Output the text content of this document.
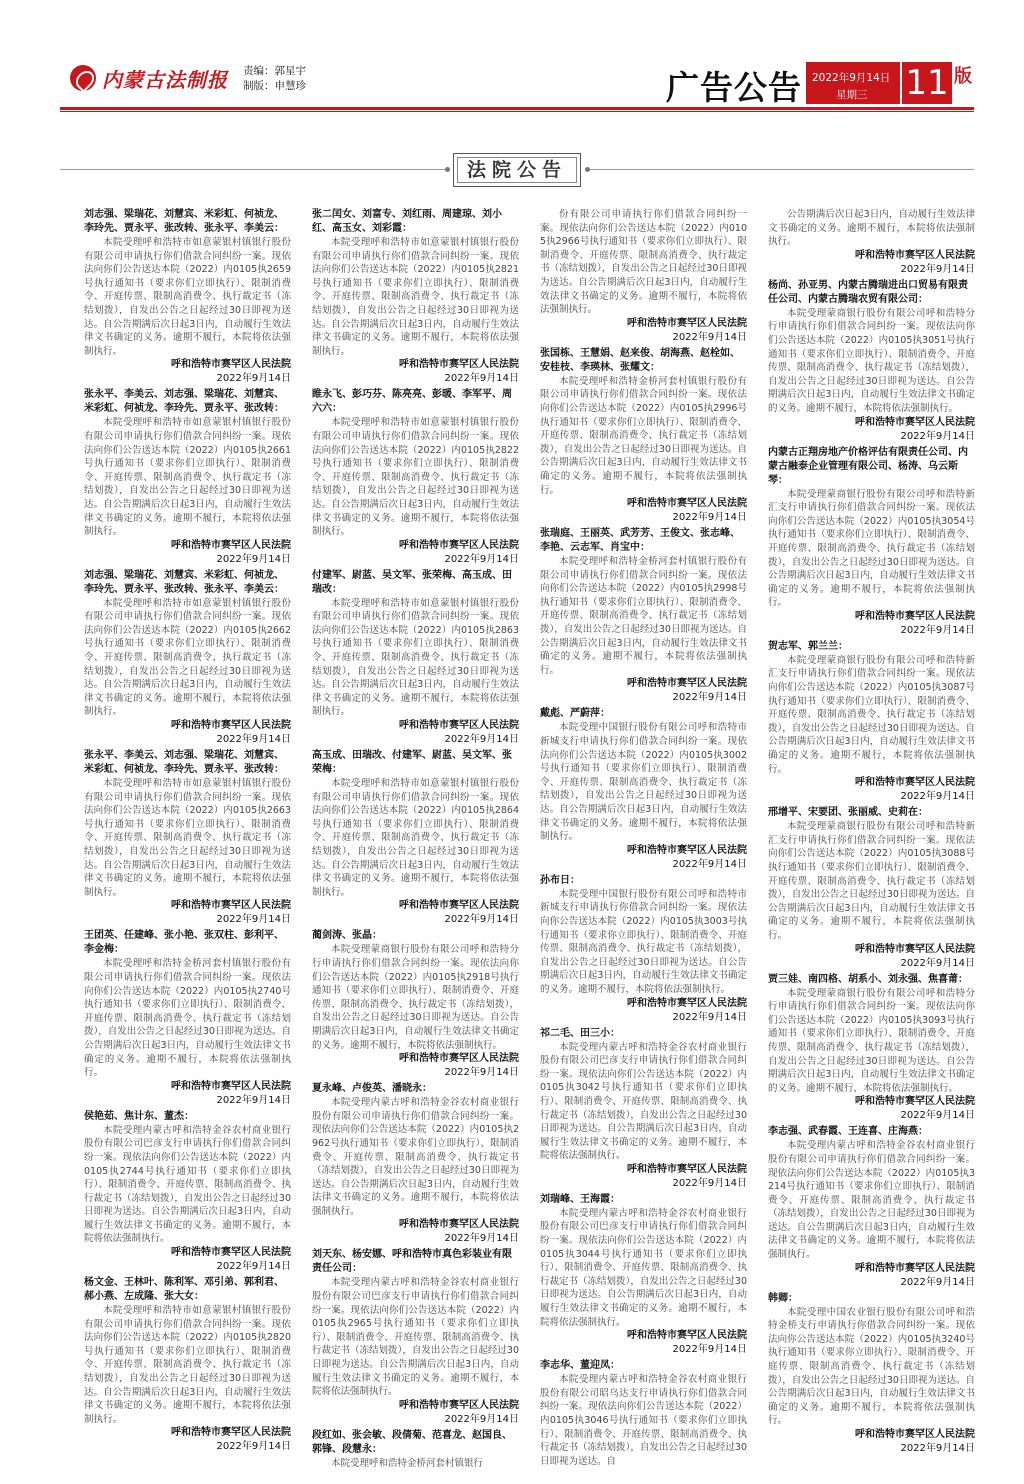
内蒙古法制报 责编：郭星宇
制版：申慧珍	广告公告 2022年9月14日
星期三 11 版
法院公告
刘志强、梁瑞花、刘慧宾、米彩虹、何祯龙、李玲先、贾永平、张改转、张永平、李美云：
本院受理呼和浩特市如意蒙银村镇银行股份有限公司申请执行你们借款合同纠纷一案。现依法向你们公告送达本院（2022）内0105执2659号执行通知书（要求你们立即执行）、限制消费令、开庭传票、限制高消费令、执行裁定书（冻结划拨），自发出公告之日起经过30日即视为送达。自公告期满后次日起3日内，自动履行生效法律文书确定的义务。逾期不履行，本院将依法强制执行。
呼和浩特市赛罕区人民法院
2022年9月14日
张永平、李美云、刘志强、梁瑞花、刘慧宾、米彩虹、何祯龙、李玲先、贾永平、张改转：
本院受理呼和浩特市如意蒙银村镇银行股份有限公司申请执行你们借款合同纠纷一案。现依法向你们公告送达本院（2022）内0105执2661号执行通知书（要求你们立即执行）、限制消费令、开庭传票、限制高消费令、执行裁定书（冻结划拨），自发出公告之日起经过30日即视为送达。自公告期满后次日起3日内，自动履行生效法律文书确定的义务。逾期不履行，本院将依法强制执行。
呼和浩特市赛罕区人民法院
2022年9月14日
刘志强、梁瑞花、刘慧宾、米彩虹、何祯龙、李玲先、贾永平、张改转、张永平、李美云：
本院受理呼和浩特市如意蒙银村镇银行股份有限公司申请执行你们借款合同纠纷一案。现依法向你们公告送达本院（2022）内0105执2662号执行通知书（要求你们立即执行）、限制消费令、开庭传票、限制高消费令、执行裁定书（冻结划拨），自发出公告之日起经过30日即视为送达。自公告期满后次日起3日内，自动履行生效法律文书确定的义务。逾期不履行，本院将依法强制执行。
呼和浩特市赛罕区人民法院
2022年9月14日
张永平、李美云、刘志强、梁瑞花、刘慧宾、米彩虹、何祯龙、李玲先、贾永平、张改转：
本院受理呼和浩特市如意蒙银村镇银行股份有限公司申请执行你们借款合同纠纷一案。现依法向你们公告送达本院（2022）内0105执2663号执行通知书（要求你们立即执行）、限制消费令、开庭传票、限制高消费令、执行裁定书（冻结划拨），自发出公告之日起经过30日即视为送达。自公告期满后次日起3日内，自动履行生效法律文书确定的义务。逾期不履行，本院将依法强制执行。
呼和浩特市赛罕区人民法院
2022年9月14日
王团英、任建峰、张小艳、张双柱、彭利平、李金梅：
本院受理呼和浩特金桥河套村镇银行股份有限公司申请执行你们借款合同纠纷一案。现依法向你们公告送达本院（2022）内0105执2740号执行通知书（要求你们立即执行）、限制消费令、开庭传票、限制高消费令、执行裁定书（冻结划拨），自发出公告之日起经过30日即视为送达。自公告期满后次日起3日内，自动履行生效法律文书确定的义务。逾期不履行，本院将依法强制执行。
呼和浩特市赛罕区人民法院
2022年9月14日
侯艳茹、焦计东、董杰：
本院受理内蒙古呼和浩特金谷农村商业银行股份有限公司巴彦支行申请执行你们借款合同纠纷一案。现依法向你们公告送达本院（2022）内0105执2744号执行通知书（要求你们立即执行）、限制消费令、开庭传票、限制高消费令、执行裁定书（冻结划拨），自发出公告之日起经过30日即视为送达。自公告期满后次日起3日内，自动履行生效法律文书确定的义务。逾期不履行，本院将依法强制执行。
呼和浩特市赛罕区人民法院
2022年9月14日
杨文金、王林叶、陈利军、邓引弟、郭利君、郝小燕、左成隆、张大女：
本院受理呼和浩特市如意蒙银村镇银行股份有限公司申请执行你们借款合同纠纷一案。现依法向你们公告送达本院（2022）内0105执2820号执行通知书（要求你们立即执行）、限制消费令、开庭传票、限制高消费令、执行裁定书（冻结划拨），自发出公告之日起经过30日即视为送达。自公告期满后次日起3日内，自动履行生效法律文书确定的义务。逾期不履行，本院将依法强制执行。
呼和浩特市赛罕区人民法院
2022年9月14日
张二闰女、刘富专、刘红雨、周建琼、刘小红、高玉女、刘彩霞：
本院受理呼和浩特市如意蒙银村镇银行股份有限公司申请执行你们借款合同纠纷一案。现依法向你们公告送达本院（2022）内0105执2821号执行通知书（要求你们立即执行）、限制消费令、开庭传票、限制高消费令、执行裁定书（冻结划拨），自发出公告之日起经过30日即视为送达。自公告期满后次日起3日内，自动履行生效法律文书确定的义务。逾期不履行，本院将依法强制执行。
呼和浩特市赛罕区人民法院
2022年9月14日
睢永飞、彭巧芬、陈亮亮、彭暖、李军平、周六六：
本院受理呼和浩特市如意蒙银村镇银行股份有限公司申请执行你们借款合同纠纷一案。现依法向你们公告送达本院（2022）内0105执2822号执行通知书（要求你们立即执行）、限制消费令、开庭传票、限制高消费令、执行裁定书（冻结划拨），自发出公告之日起经过30日即视为送达。自公告期满后次日起3日内，自动履行生效法律文书确定的义务。逾期不履行，本院将依法强制执行。
呼和浩特市赛罕区人民法院
2022年9月14日
付建军、尉蓝、吴文军、张荣梅、高玉成、田瑞改：
本院受理呼和浩特市如意蒙银村镇银行股份有限公司申请执行你们借款合同纠纷一案。现依法向你们公告送达本院（2022）内0105执2863号执行通知书（要求你们立即执行）、限制消费令、开庭传票、限制高消费令、执行裁定书（冻结划拨），自发出公告之日起经过30日即视为送达。自公告期满后次日起3日内，自动履行生效法律文书确定的义务。逾期不履行，本院将依法强制执行。
呼和浩特市赛罕区人民法院
2022年9月14日
高玉成、田瑞改、付建军、尉蓝、吴文军、张荣梅：
本院受理呼和浩特市如意蒙银村镇银行股份有限公司申请执行你们借款合同纠纷一案。现依法向你们公告送达本院（2022）内0105执2864号执行通知书（要求你们立即执行）、限制消费令、开庭传票、限制高消费令、执行裁定书（冻结划拨），自发出公告之日起经过30日即视为送达。自公告期满后次日起3日内，自动履行生效法律文书确定的义务。逾期不履行，本院将依法强制执行。
呼和浩特市赛罕区人民法院
2022年9月14日
蔺剑涛、张晶：
本院受理蒙商银行股份有限公司呼和浩特分行申请执行你们借款合同纠纷一案。现依法向你们公告送达本院（2022）内0105执2918号执行通知书（要求你们立即执行）、限制消费令、开庭传票、限制高消费令、执行裁定书（冻结划拨），自发出公告之日起经过30日即视为送达。自公告期满后次日起3日内，自动履行生效法律文书确定的义务。逾期不履行，本院将依法强制执行。
呼和浩特市赛罕区人民法院
2022年9月14日
夏永峰、卢俊英、潘晓永：
本院受理内蒙古呼和浩特金谷农村商业银行股份有限公司申请执行你们借款合同纠纷一案。现依法向你们公告送达本院（2022）内0105执2962号执行通知书（要求你们立即执行）、限制消费令、开庭传票、限制高消费令、执行裁定书（冻结划拨），自发出公告之日起经过30日即视为送达。自公告期满后次日起3日内，自动履行生效法律文书确定的义务。逾期不履行，本院将依法强制执行。
呼和浩特市赛罕区人民法院
2022年9月14日
刘天东、杨安娜、呼和浩特市真色彩装业有限责任公司：
本院受理内蒙古呼和浩特金谷农村商业银行股份有限公司巴彦支行申请执行你们借款合同纠纷一案。现依法向你们公告送达本院（2022）内0105执2965号执行通知书（要求你们立即执行）、限制消费令、开庭传票、限制高消费令、执行裁定书（冻结划拨），自发出公告之日起经过30日即视为送达。自公告期满后次日起3日内，自动履行生效法律文书确定的义务。逾期不履行，本院将依法强制执行。
呼和浩特市赛罕区人民法院
2022年9月14日
段红如、张会敏、段倩菊、范喜龙、赵国良、郭锋、段慧永：
本院受理呼和浩特金桥河套村镇银行
份有限公司申请执行你们借款合同纠纷一案。现依法向你们公告送达本院（2022）内0105执2966号执行通知书（要求你们立即执行）、限制消费令、开庭传票、限制高消费令、执行裁定书（冻结划拨），自发出公告之日起经过30日即视为送达。自公告期满后次日起3日内，自动履行生效法律文书确定的义务。逾期不履行，本院将依法强制执行。
呼和浩特市赛罕区人民法院
2022年9月14日
张国栋、王慧娟、赵来俊、胡海燕、赵栓如、安桂枝、李瑛林、张耀文：
本院受理呼和浩特金桥河套村镇银行股份有限公司申请执行你们借款合同纠纷一案。现依法向你们公告送达本院（2022）内0105执2996号执行通知书（要求你们立即执行）、限制消费令、开庭传票、限制高消费令、执行裁定书（冻结划拨），自发出公告之日起经过30日即视为送达。自公告期满后次日起3日内，自动履行生效法律文书确定的义务。逾期不履行，本院将依法强制执行。
呼和浩特市赛罕区人民法院
2022年9月14日
张瑞庭、王丽英、武芳芳、王俊文、张志峰、李艳、云志军、肖宝中：
本院受理呼和浩特金桥河套村镇银行股份有限公司申请执行你们借款合同纠纷一案。现依法向你们公告送达本院（2022）内0105执2998号执行通知书（要求你们立即执行）、限制消费令、开庭传票、限制高消费令、执行裁定书（冻结划拨），自发出公告之日起经过30日即视为送达。自公告期满后次日起3日内，自动履行生效法律文书确定的义务。逾期不履行，本院将依法强制执行。
呼和浩特市赛罕区人民法院
2022年9月14日
戴彪、严蔚萍：
本院受理中国银行股份有限公司呼和浩特市新城支行申请执行你们借款合同纠纷一案。现依法向你们公告送达本院（2022）内0105执3002号执行通知书（要求你们立即执行）、限制消费令、开庭传票、限制高消费令、执行裁定书（冻结划拨），自发出公告之日起经过30日即视为送达。自公告期满后次日起3日内，自动履行生效法律文书确定的义务。逾期不履行，本院将依法强制执行。
呼和浩特市赛罕区人民法院
2022年9月14日
孙布日：
本院受理中国银行股份有限公司呼和浩特市新城支行申请执行你借款合同纠纷一案。现依法向你公告送达本院（2022）内0105执3003号执行通知书（要求你立即执行）、限制消费令、开庭传票、限制高消费令、执行裁定书（冻结划拨），自发出公告之日起经过30日即视为送达。自公告期满后次日起3日内，自动履行生效法律文书确定的义务。逾期不履行，本院将依法强制执行。
呼和浩特市赛罕区人民法院
2022年9月14日
祁二毛、田三小：
本院受理内蒙古呼和浩特金谷农村商业银行股份有限公司巴彦支行申请执行你们借款合同纠纷一案。现依法向你们公告送达本院（2022）内0105执3042号执行通知书（要求你们立即执行）、限制消费令、开庭传票、限制高消费令、执行裁定书（冻结划拨），自发出公告之日起经过30日即视为送达。自公告期满后次日起3日内，自动履行生效法律文书确定的义务。逾期不履行，本院将依法强制执行。
呼和浩特市赛罕区人民法院
2022年9月14日
刘瑞峰、王海霞：
本院受理内蒙古呼和浩特金谷农村商业银行股份有限公司巴彦支行申请执行你们借款合同纠纷一案。现依法向你们公告送达本院（2022）内0105执3044号执行通知书（要求你们立即执行）、限制消费令、开庭传票、限制高消费令、执行裁定书（冻结划拨），自发出公告之日起经过30日即视为送达。自公告期满后次日起3日内，自动履行生效法律文书确定的义务。逾期不履行，本院将依法强制执行。
呼和浩特市赛罕区人民法院
2022年9月14日
李志华、董迎凤：
本院受理内蒙古呼和浩特金谷农村商业银行股份有限公司昭乌达支行申请执行你们借款合同纠纷一案。现依法向你们公告送达本院（2022）内0105执3046号执行通知书（要求你们立即执行）、限制消费令、开庭传票、限制高消费令、执行裁定书（冻结划拨），自发出公告之日起经过30日即视为送达。自
公告期满后次日起3日内，自动履行生效法律文书确定的义务。逾期不履行，本院将依法强制执行。
呼和浩特市赛罕区人民法院
2022年9月14日
杨尚、孙亚男、内蒙古腾瑞进出口贸易有限责任公司、内蒙古腾瑞农贸有限公司：
本院受理蒙商银行股份有限公司呼和浩特分行申请执行你们借款合同纠纷一案。现依法向你们公告送达本院（2022）内0105执3051号执行通知书（要求你们立即执行）、限制消费令、开庭传票、限制高消费令、执行裁定书（冻结划拨），自发出公告之日起经过30日即视为送达。自公告期满后次日起3日内，自动履行生效法律文书确定的义务。逾期不履行，本院将依法强制执行。
呼和浩特市赛罕区人民法院
2022年9月14日
内蒙古正翔房地产价格评估有限责任公司、内蒙古融泰企业管理有限公司、杨涛、乌云斯琴：
本院受理蒙商银行股份有限公司呼和浩特新汇支行申请执行你们借款合同纠纷一案。现依法向你们公告送达本院（2022）内0105执3054号执行通知书（要求你们立即执行）、限制消费令、开庭传票、限制高消费令、执行裁定书（冻结划拨），自发出公告之日起经过30日即视为送达。自公告期满后次日起3日内，自动履行生效法律文书确定的义务。逾期不履行，本院将依法强制执行。
呼和浩特市赛罕区人民法院
2022年9月14日
贺志军、郭兰兰：
本院受理蒙商银行股份有限公司呼和浩特新汇支行申请执行你们借款合同纠纷一案。现依法向你们公告送达本院（2022）内0105执3087号执行通知书（要求你们立即执行）、限制消费令、开庭传票、限制高消费令、执行裁定书（冻结划拨），自发出公告之日起经过30日即视为送达。自公告期满后次日起3日内，自动履行生效法律文书确定的义务。逾期不履行，本院将依法强制执行。
呼和浩特市赛罕区人民法院
2022年9月14日
邢增平、宋要团、张丽威、史莉在：
本院受理蒙商银行股份有限公司呼和浩特新汇支行申请执行你们借款合同纠纷一案。现依法向你们公告送达本院（2022）内0105执3088号执行通知书（要求你们立即执行）、限制消费令、开庭传票、限制高消费令、执行裁定书（冻结划拨），自发出公告之日起经过30日即视为送达。自公告期满后次日起3日内，自动履行生效法律文书确定的义务。逾期不履行，本院将依法强制执行。
呼和浩特市赛罕区人民法院
2022年9月14日
贾三娃、南四格、胡系小、刘永强、焦喜莆：
本院受理蒙商银行股份有限公司呼和浩特分行申请执行你们借款合同纠纷一案。现依法向你们公告送达本院（2022）内0105执3093号执行通知书（要求你们立即执行）、限制消费令、开庭传票、限制高消费令、执行裁定书（冻结划拨），自发出公告之日起经过30日即视为送达。自公告期满后次日起3日内，自动履行生效法律文书确定的义务。逾期不履行，本院将依法强制执行。
呼和浩特市赛罕区人民法院
2022年9月14日
李志强、武春霞、王连喜、庄海燕：
本院受理内蒙古呼和浩特金谷农村商业银行股份有限公司申请执行你们借款合同纠纷一案。现依法向你们公告送达本院（2022）内0105执3214号执行通知书（要求你们立即执行）、限制消费令、开庭传票、限制高消费令、执行裁定书（冻结划拨），自发出公告之日起经过30日即视为送达。自公告期满后次日起3日内，自动履行生效法律文书确定的义务。逾期不履行，本院将依法强制执行。
呼和浩特市赛罕区人民法院
2022年9月14日
韩卿：
本院受理中国农业银行股份有限公司呼和浩特金桥支行申请执行你借款合同纠纷一案。现依法向你公告送达本院（2022）内0105执3240号执行通知书（要求你立即执行）、限制消费令、开庭传票、限制高消费令、执行裁定书（冻结划拨），自发出公告之日起经过30日即视为送达。自公告期满后次日起3日内，自动履行生效法律文书确定的义务。逾期不履行，本院将依法强制执行。
呼和浩特市赛罕区人民法院
2022年9月14日
